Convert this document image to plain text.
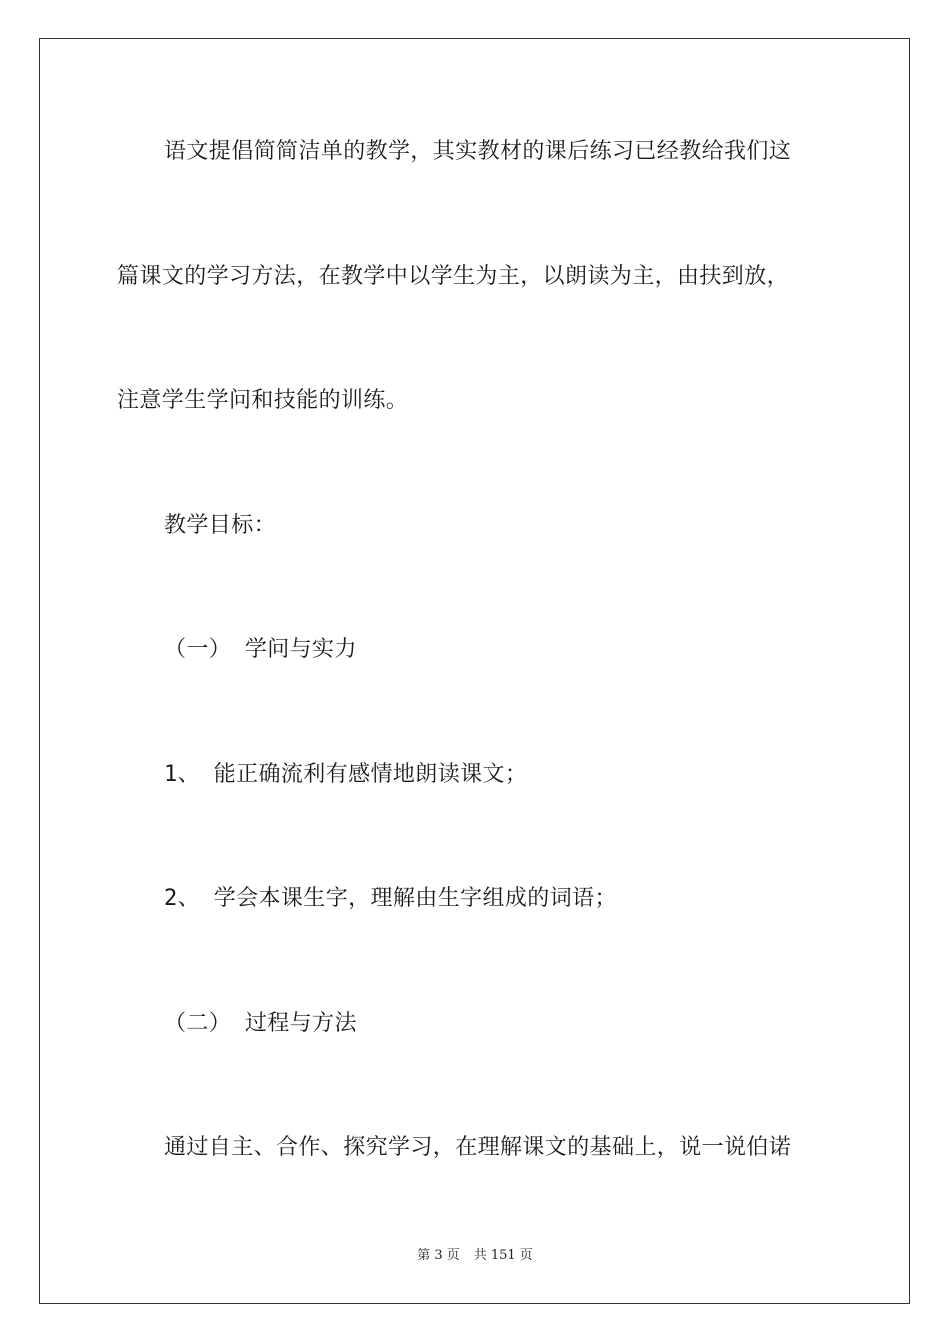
语文提倡简简洁单的教学，其实教材的课后练习已经教给我们这
篇课文的学习方法，在教学中以学生为主，以朗读为主，由扶到放，
注意学生学问和技能的训练。
教学目标：
（一） 学问与实力
1、 能正确流利有感情地朗读课文；
2、 学会本课生字，理解由生字组成的词语；
（二） 过程与方法
通过自主、合作、探究学习，在理解课文的基础上，说一说伯诺
第 3 页 共 151 页
